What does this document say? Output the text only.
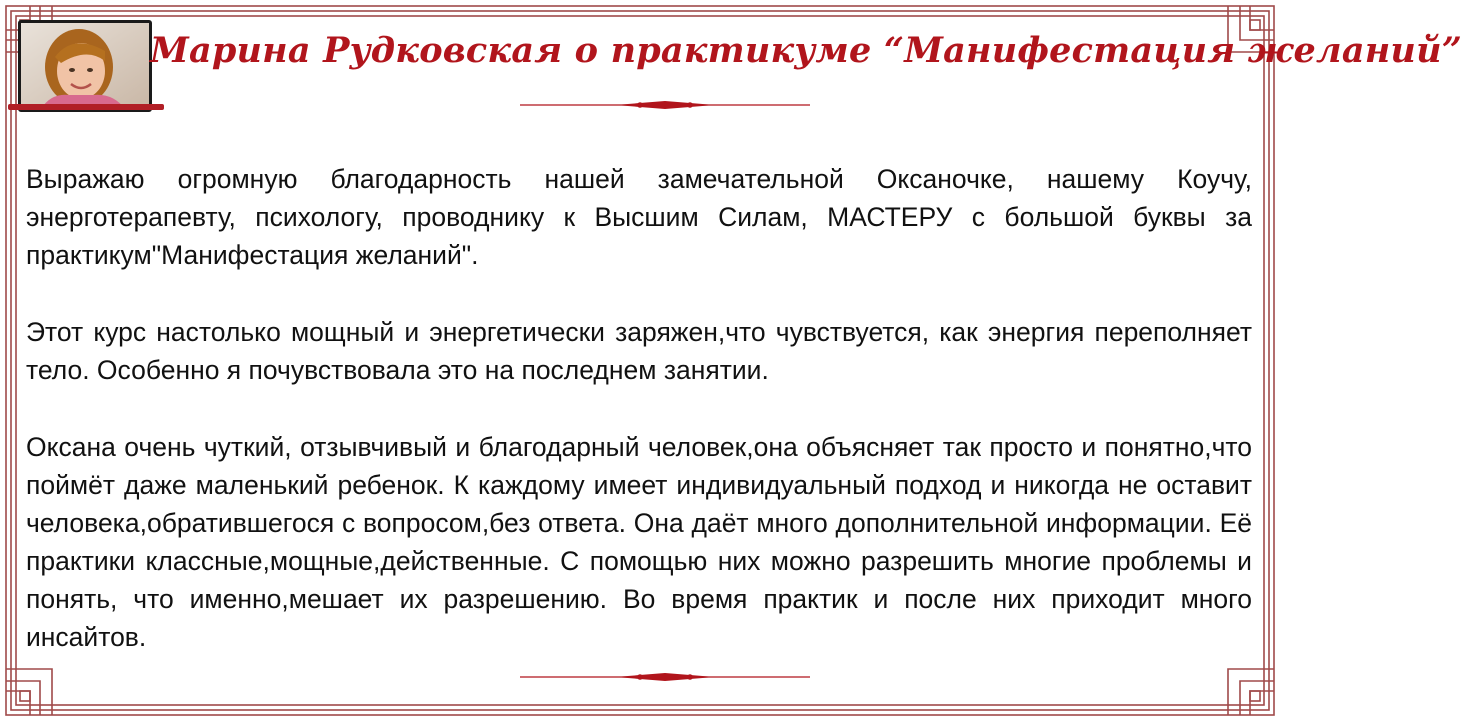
Марина Рудковская о практикуме “Манифестация желаний”

Выражаю огромную благодарность нашей замечательной Оксаночке, нашему Коучу, энерготерапевту, психологу, проводнику к Высшим Силам, МАСТЕРУ с большой буквы за практикум"Манифестация желаний".

Этот курс настолько мощный и энергетически заряжен,что чувствуется, как энергия переполняет тело. Особенно я почувствовала это на последнем занятии.

Оксана очень чуткий, отзывчивый и благодарный человек,она объясняет так просто и понятно,что поймёт даже маленький ребенок. К каждому имеет индивидуальный подход и никогда не оставит человека,обратившегося с вопросом,без ответа. Она даёт много дополнительной информации. Её практики классные,мощные,действенные. С помощью них можно разрешить многие проблемы и понять, что именно,мешает их разрешению. Во время практик и после них приходит много инсайтов.
